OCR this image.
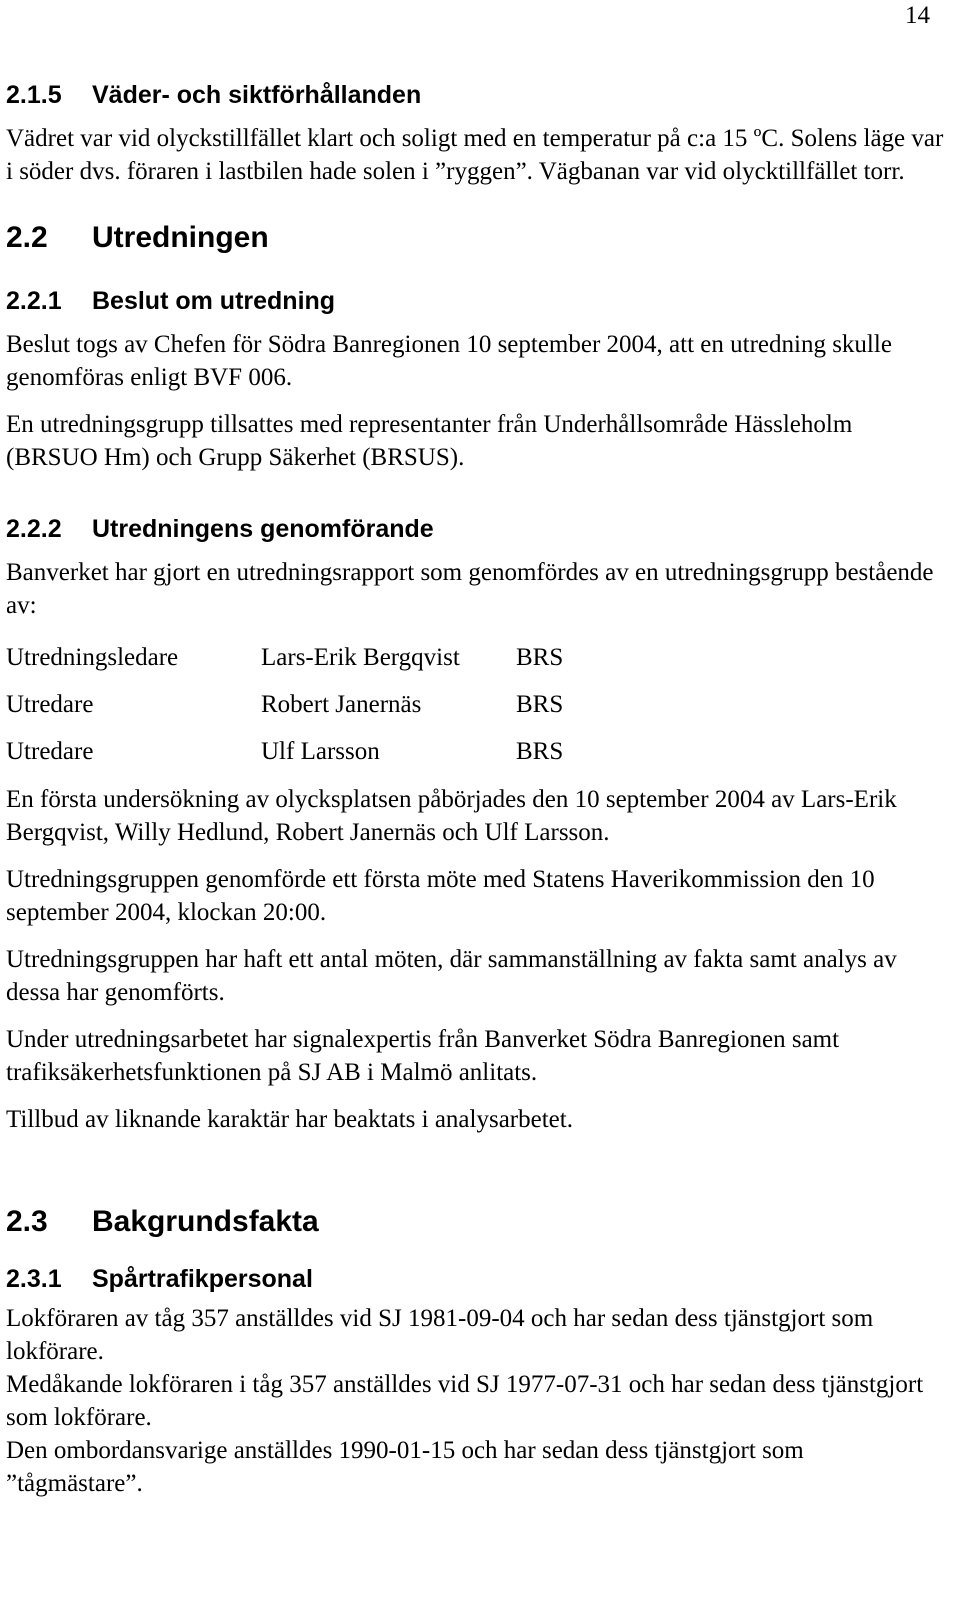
14
2.1.5 Väder- och siktförhållanden

Vädret var vid olyckstillfället klart och soligt med en temperatur på c:a 15 ºC. Solens läge var i söder dvs. föraren i lastbilen hade solen i ”ryggen”. Vägbanan var vid olycktillfället torr.

2.2 Utredningen
2.2.1 Beslut om utredning

Beslut togs av Chefen för Södra Banregionen 10 september 2004, att en utredning skulle genomföras enligt BVF 006.

En utredningsgrupp tillsattes med representanter från Underhållsområde Hässleholm (BRSUO Hm) och Grupp Säkerhet (BRSUS).

2.2.2 Utredningens genomförande

Banverket har gjort en utredningsrapport som genomfördes av en utredningsgrupp bestående av:

Utredningsledare	Lars-Erik Bergqvist	BRS
Utredare	Robert Janernäs	BRS
Utredare	Ulf Larsson	BRS

En första undersökning av olycksplatsen påbörjades den 10 september 2004 av Lars-Erik Bergqvist, Willy Hedlund, Robert Janernäs och Ulf Larsson.

Utredningsgruppen genomförde ett första möte med Statens Haverikommission den 10 september 2004, klockan 20:00.

Utredningsgruppen har haft ett antal möten, där sammanställning av fakta samt analys av dessa har genomförts.

Under utredningsarbetet har signalexpertis från Banverket Södra Banregionen samt trafiksäkerhetsfunktionen på SJ AB i Malmö anlitats.

Tillbud av liknande karaktär har beaktats i analysarbetet.

2.3 Bakgrundsfakta
2.3.1 Spårtrafikpersonal

Lokföraren av tåg 357 anställdes vid SJ 1981-09-04 och har sedan dess tjänstgjort som lokförare.

Medåkande lokföraren i tåg 357 anställdes vid SJ 1977-07-31 och har sedan dess tjänstgjort som lokförare.

Den ombordansvarige anställdes 1990-01-15 och har sedan dess tjänstgjort som ”tågmästare”.
